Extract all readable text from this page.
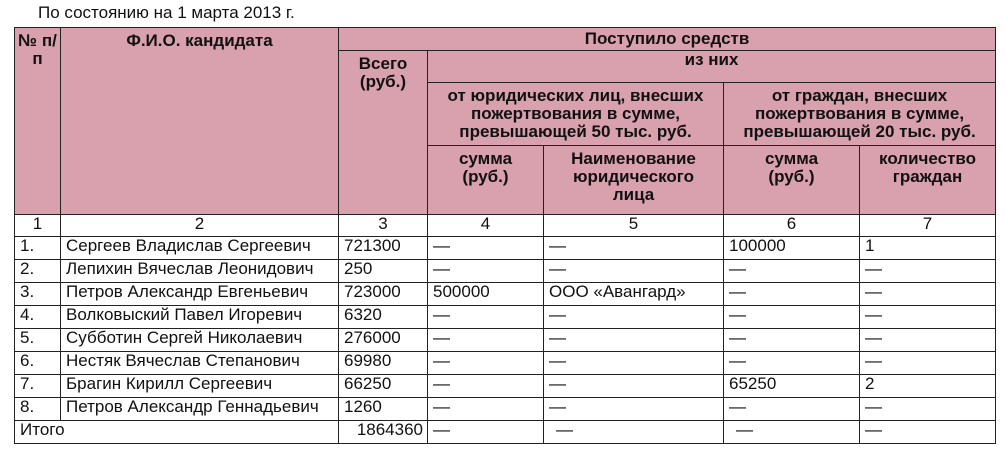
По состоянию на 1 марта 2013 г.
№ п/п	Ф.И.О. кандидата	Поступило средств				
		Всего (руб.)	из них			
			от юридических лиц, внесших пожертвования в сумме, превышающей 50 тыс. руб.		от граждан, внесших пожертвования в сумме, превышающей 20 тыс. руб.	
			сумма (руб.)	Наименование юридического лица	сумма (руб.)	количество граждан
1	2	3	4	5	6	7
1.	Сергеев Владислав Сергеевич	721300	—	—	100000	1
2.	Лепихин Вячеслав Леонидович	250	—	—	—	—
3.	Петров Александр Евгеньевич	723000	500000	ООО «Авангард»	—	—
4.	Волковыский Павел Игоревич	6320	—	—	—	—
5.	Субботин Сергей Николаевич	276000	—	—	—	—
6.	Нестяк Вячеслав Степанович	69980	—	—	—	—
7.	Брагин Кирилл Сергеевич	66250	—	—	65250	2
8.	Петров Александр Геннадьевич	1260	—	—	—	—
Итого		1864360	—	—	—	—
